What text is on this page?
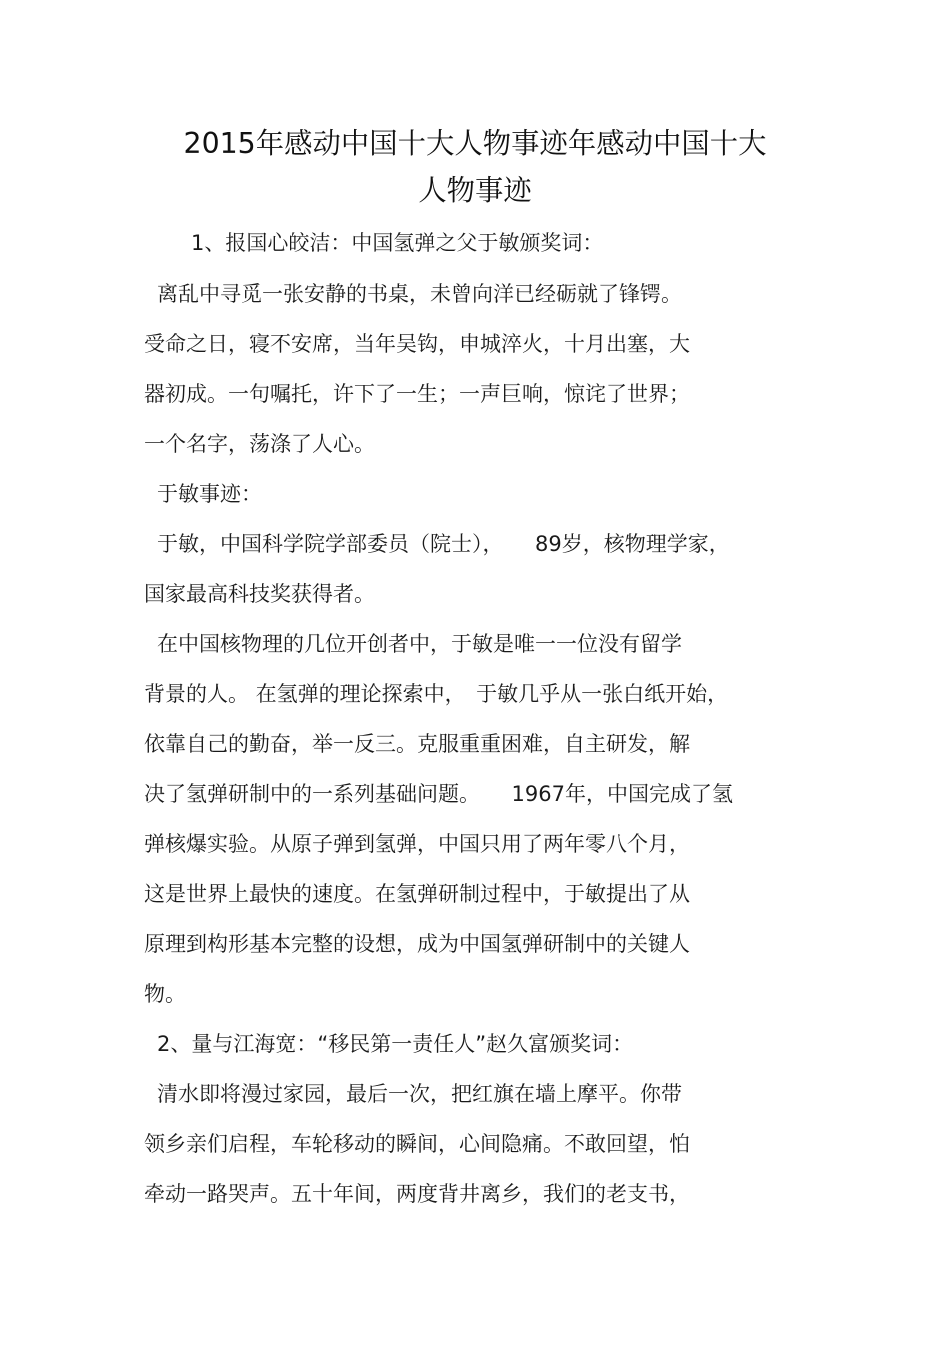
2015年感动中国十大人物事迹年感动中国十大
人物事迹
1、报国心皎洁：中国氢弹之父于敏颁奖词：
离乱中寻觅一张安静的书桌，未曾向洋已经砺就了锋锷。
受命之日，寝不安席，当年吴钩，申城淬火，十月出塞，大
器初成。一句嘱托，许下了一生；一声巨响，惊诧了世界；
一个名字，荡涤了人心。
于敏事迹：
于敏，中国科学院学部委员（院士），　　89岁，核物理学家，
国家最高科技奖获得者。
在中国核物理的几位开创者中，于敏是唯一一位没有留学
背景的人。 在氢弹的理论探索中，　于敏几乎从一张白纸开始，
依靠自己的勤奋，举一反三。克服重重困难，自主研发，解
决了氢弹研制中的一系列基础问题。　　1967年，中国完成了氢
弹核爆实验。从原子弹到氢弹，中国只用了两年零八个月，
这是世界上最快的速度。在氢弹研制过程中，于敏提出了从
原理到构形基本完整的设想，成为中国氢弹研制中的关键人
物。
2、量与江海宽：“移民第一责任人”赵久富颁奖词：
清水即将漫过家园，最后一次，把红旗在墙上摩平。你带
领乡亲们启程，车轮移动的瞬间，心间隐痛。不敢回望，怕
牵动一路哭声。五十年间，两度背井离乡，我们的老支书，
